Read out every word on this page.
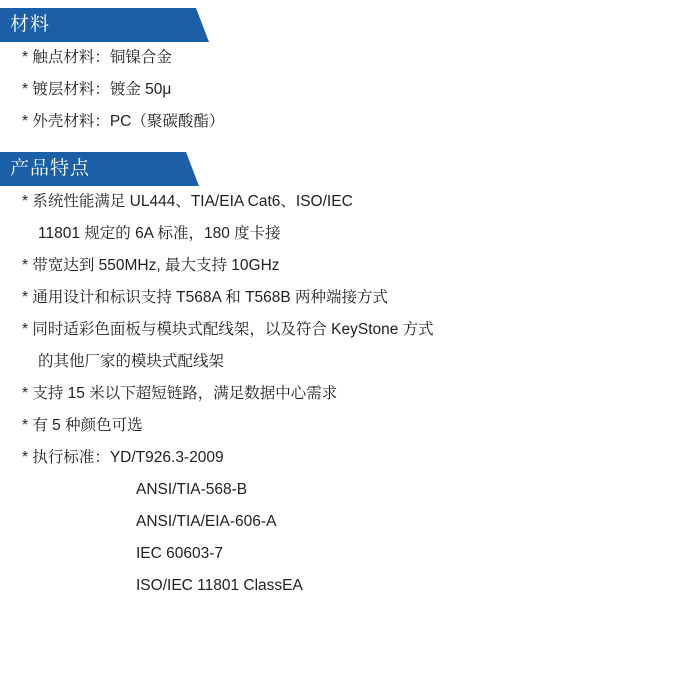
材料
* 触点材料：铜镍合金
* 镀层材料：镀金 50μ
* 外壳材料：PC（聚碳酸酯）
产品特点
* 系统性能满足 UL444、TIA/EIA Cat6、ISO/IEC
11801 规定的 6A 标准，180 度卡接
* 带宽达到 550MHz, 最大支持 10GHz
* 通用设计和标识支持 T568A 和 T568B 两种端接方式
* 同时适彩色面板与模块式配线架，以及符合 KeyStone 方式
的其他厂家的模块式配线架
* 支持 15 米以下超短链路，满足数据中心需求
* 有 5 种颜色可选
* 执行标准：YD/T926.3-2009
ANSI/TIA-568-B
ANSI/TIA/EIA-606-A
IEC 60603-7
ISO/IEC 11801 ClassEA
